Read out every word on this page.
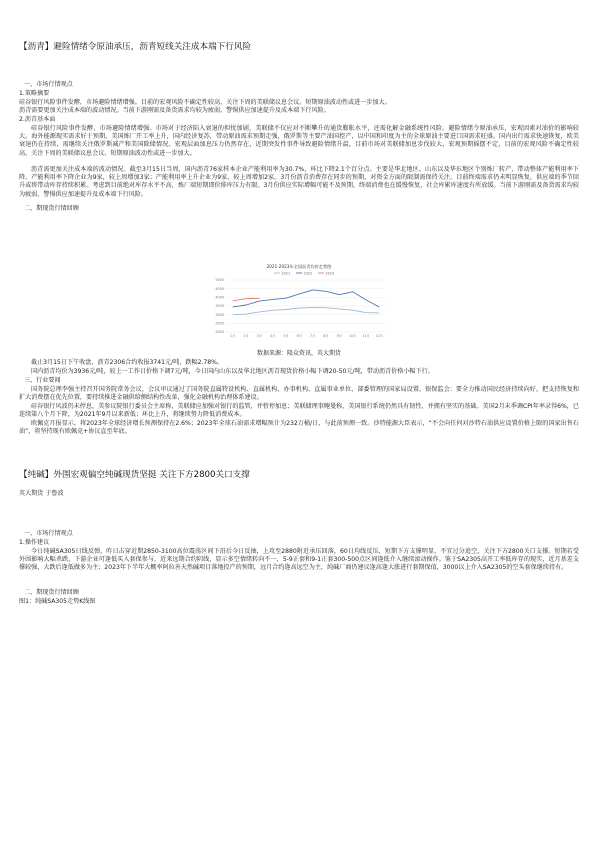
【沥青】避险情绪令原油承压，沥青短线关注成本端下行风险
一、市场行情观点
1.策略摘要
硅谷银行风险事件发酵，市场避险情绪增强。目前的宏观风险不确定性较高，关注下周的美联储议息会议。短期原油波动性或进一步加大。
沥青需要更加关注成本端的波动情况。当前下游刚需及备货需求均较为疲弱，警惕供应加速提升及成本端下行风险。
2.沥青基本面
硅谷银行风险事件发酵，市场避险情绪增强。市场对于经济陷入衰退的担忧加剧，美联储不仅应对不断攀升的通货膨胀水平，还需化解金融系统性风险。避险情绪令原油承压，宏观因素对油价的影响较大。海外能源现实需求好于预期，美国炼厂开工率上升，国内经济复苏，带动原油需求预期走强，俄罗斯等主要产油国控产，以中国和印度为主的全球原油主要进口国需求旺盛。国内出行需求快速恢复，欧美衰退仍在持续，需继续关注俄罗斯减产和美国除储情况。宏观层面加息压力仍然存在，近期突发性事件导致避险情绪升温，目前市场对美联储加息步伐较大，宏观预期摇摆不定，目前的宏观风险不确定性较高，关注下周的美联储议息会议。短期原油波动性或进一步加大。
沥青需更加关注成本端的波动情况。截至3月15日当周，国内沥青76家样本企业产能利用率为30.7%，环比下降2.1个百分点。主要是华北地区、山东以及华东地区个别炼厂转产，带动整体产能利用率下降。产能利用率下降企业为9家，较上周增加3家；产能利用率上升企业为9家，较上周增加2家。3月份沥青消费存在同步的预期，对资金方面的限制需保持关注。目前终端需求仍未明显恢复，供应端的季节回升或将带动库存持续积累。考虑到目前绝对库存水平不高，炼厂端短期即价排库压力有限。3月份供应实际增幅可能不及预期，终端消费也在缓慢恢复，社会库累库速度有所放缓。当前下游刚需及备货需求均较为疲弱，警惕供应加速提升及成本端下行风险。
二、期现货行情回顾
2021-2023年全国沥青均价走势图
2021	2022	2023
5000
4500
4000
3500
3000
2500
2000
1月	2月	3月	4月	5月	6月	7月	8月	9月 10月 11月 12月
数据来源：隆众资讯，英大期货
截止3月15日下午收盘，沥青2306合约收报3741元/吨，跌幅2.78%。
国内沥青均价为3936元/吨，较上一工作日价格下调7元/吨，今日国内山东以及华北地区沥青现货价格小幅下调20-50元/吨，带动沥青价格小幅下行。
三、行业要闻
国务院总理李强主持召开国务院常务会议，会议审议通过了国务院直属特设机构、直属机构、办事机构、直属事业单位、部委管理的国家局设置。银保监会：要全力推动国民经济持续向好，把支持恢复和扩大消费摆在优先位置，要持续推进金融供给侧结构性改革，强化金融机构治理体系建设。
硅谷银行风波仍未停息，美参议院银行委员会主席称，美联储应加强对银行的监管，并暂停加息；美联储理事鲍曼称，美国银行系统仍然具有韧性，并拥有坚实的基础。美国2月未季调CPI年率录得6%，已连续第八个月下降，为2021年9月以来新低；环比上升，将继续努力降低消费成本。
欧佩克月报显示，将2023年全球经济增长预测保持在2.6%；2023年全球石油需求增幅预计为232万桶/日，与此前预测一致。沙特能源大臣表示，“不会向任何对沙特石油供应设置价格上限的国家出售石油”，将坚持现有欧佩克+协议直至年底。
【纯碱】外围宏观偏空纯碱现货坚挺 关注下方2800关口支撑
英大期货 于鲁波
一、市场行情观点
1.操作建议
今日纯碱SA305日线反弹，昨日击穿近期2850-3100高位震荡区间下沿后今日反抽，上攻至2880附近承压回落，60日均线反压，短期下方支撑明显，不宜过分追空，关注下方2800关口支撑。短期若受外围影响大幅杀跌，下游企业可逢低买入套保参与，近来远期合约阴线，显示多空情绪转向不一，5-9正套和9-1正套300-500点区间逢低介入继续滚动操作。鉴于SA2305高开工率低库存的现实，近月基差支撑较强，大跌后逢低做多为主；2023年下半年大概率阿拉善天然碱项目落地投产的预期，远月合约逢高远空为主，纯碱厂商仍建议逢高逢大涨进行套期保值，3000以上介入SA2305的空头套保继续持有。
二、期现货行情回顾
图1：纯碱SA305走势K线图
